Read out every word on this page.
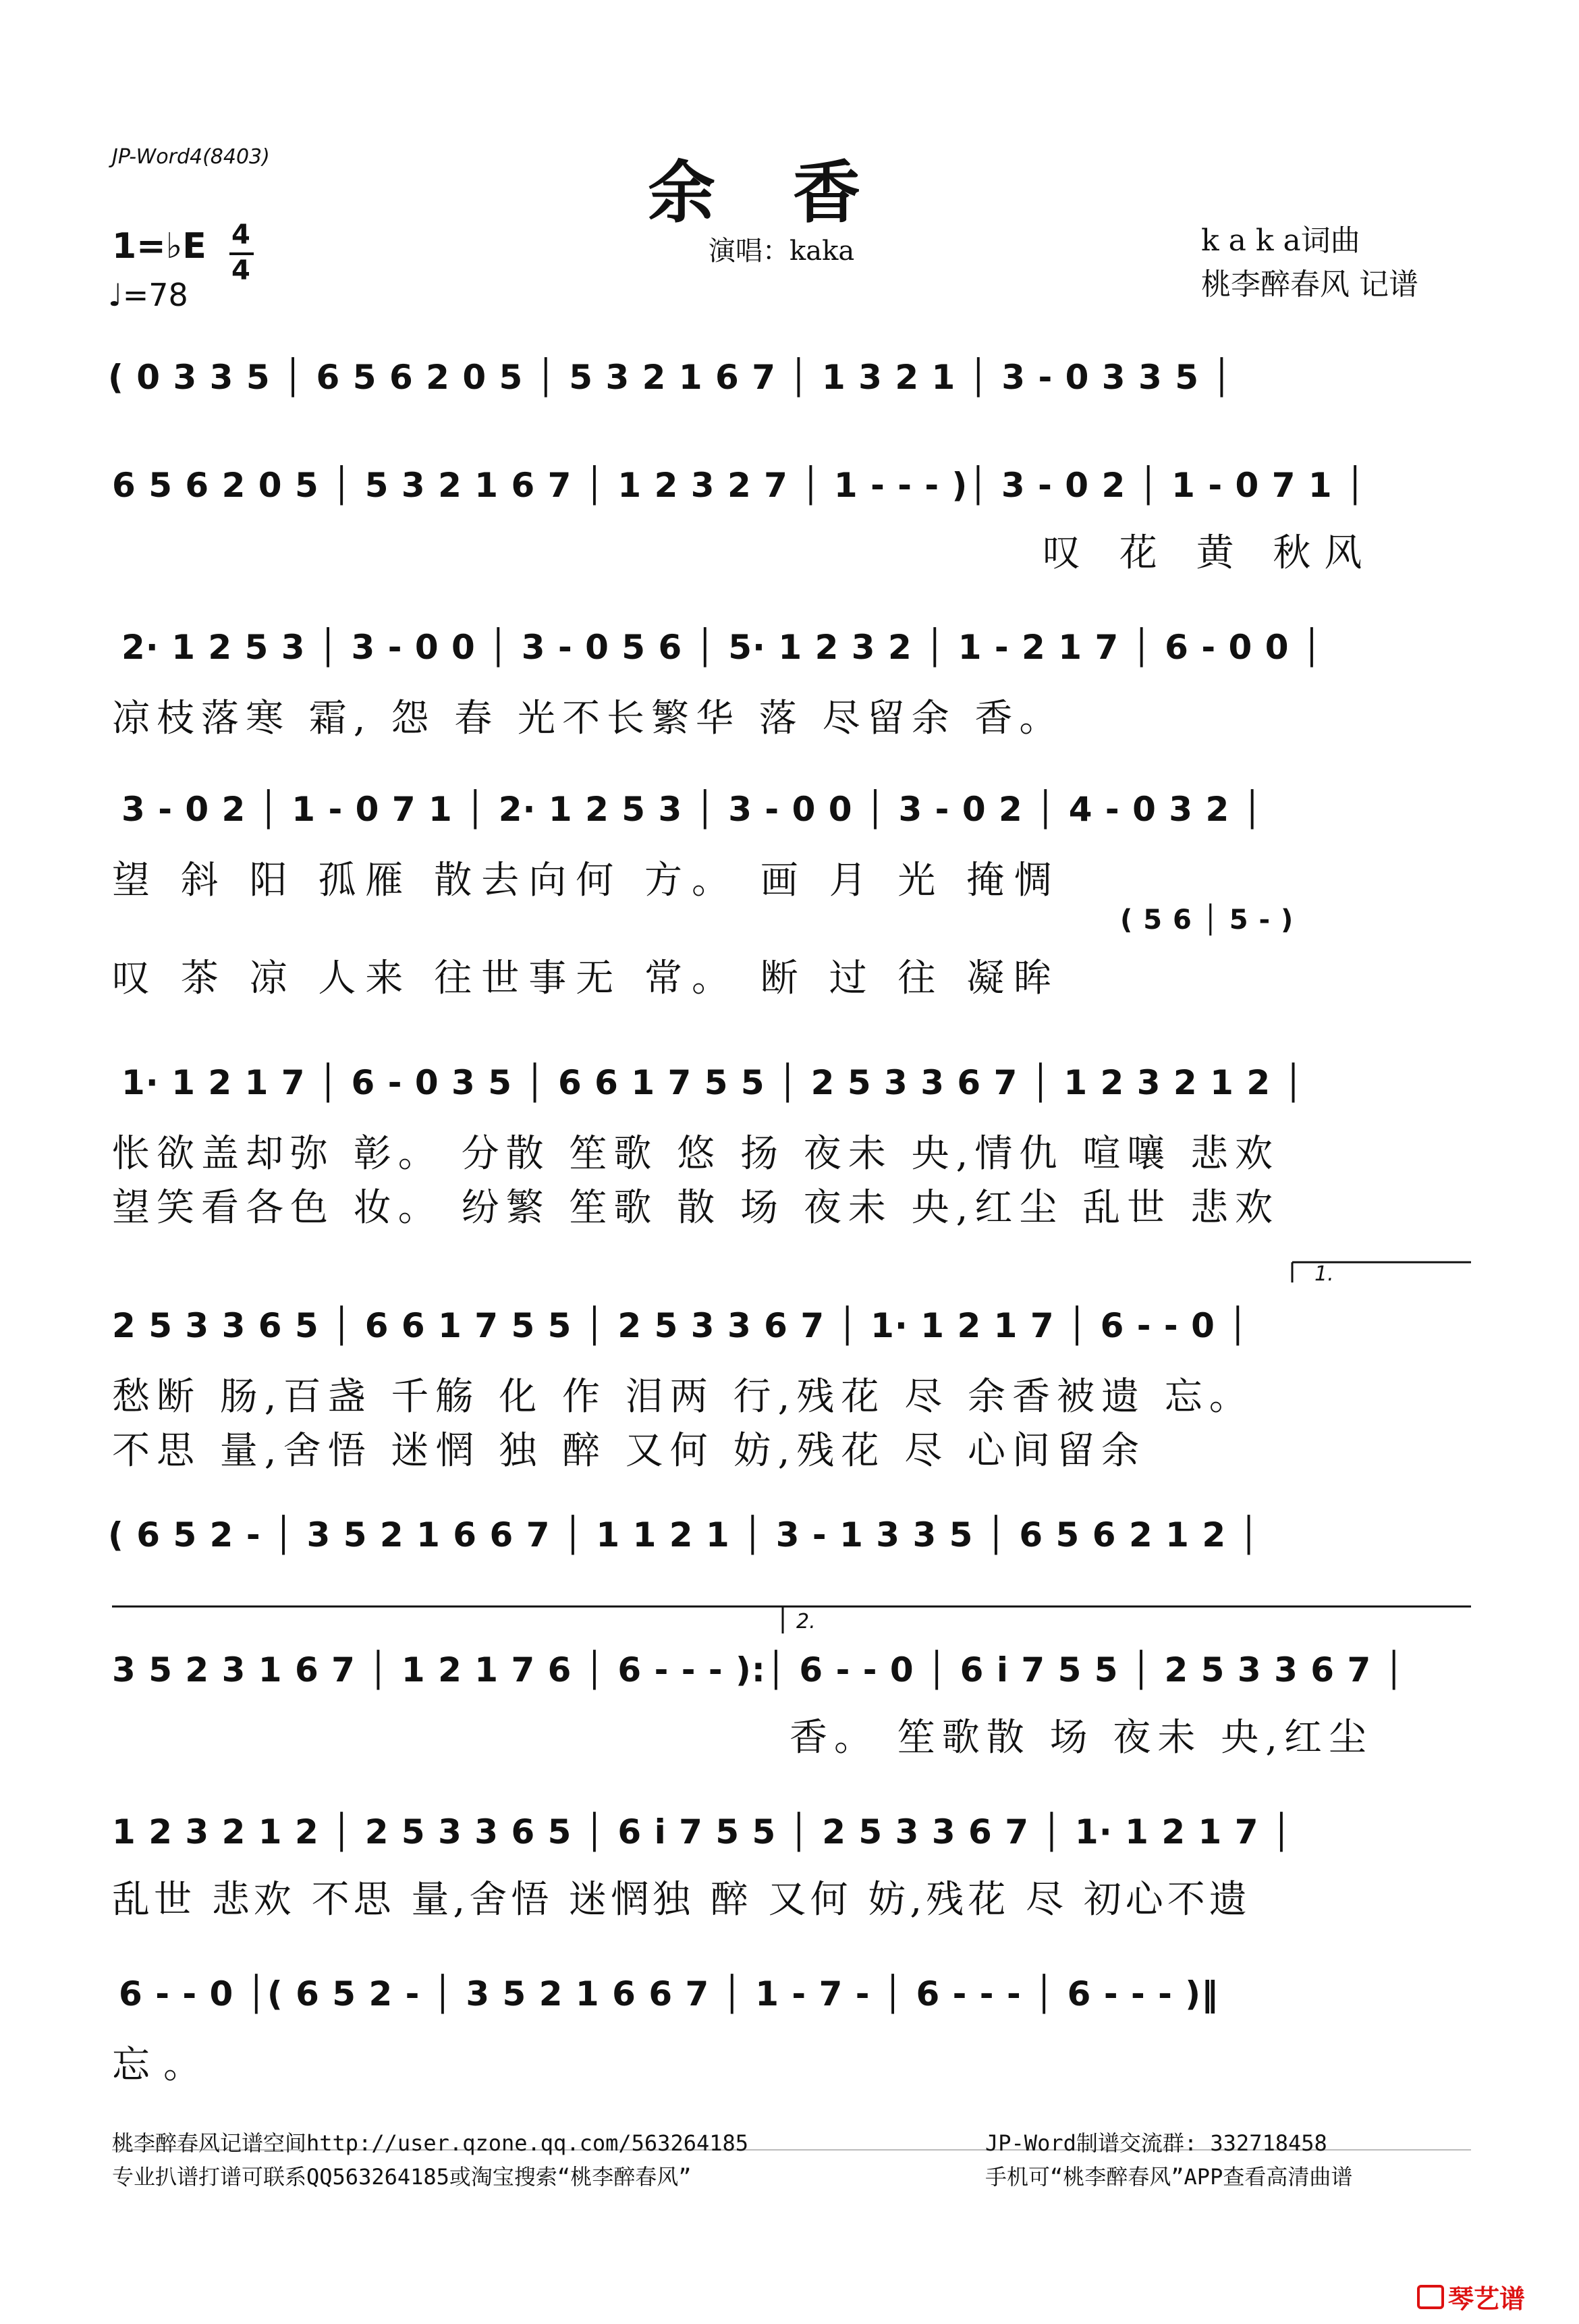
JP-Word4(8403)	余 香
1=♭E 4
4
♩=78
演唱：kaka	k a k a词曲
桃李醉春风 记谱
( 0 3 3 5 │ 6 5 6 2 0 5 │ 5 3 2 1 6 7 │ 1 3 2 1 │ 3 - 0 3 3 5 │
6 5 6 2 0 5 │ 5 3 2 1 6 7 │ 1 2 3 2 7 │ 1 - - - )│ 3 - 0 2 │ 1 - 0 7 1 │
叹 花 黄 秋风
2· 1 2 5 3 │ 3 - 0 0 │ 3 - 0 5 6 │ 5· 1 2 3 2 │ 1 - 2 1 7 │ 6 - 0 0 │
凉枝落寒 霜, 怨 春 光不长繁华 落 尽留余 香。
3 - 0 2 │ 1 - 0 7 1 │ 2· 1 2 5 3 │ 3 - 0 0 │ 3 - 0 2 │ 4 - 0 3 2 │
望 斜 阳 孤雁 散去向何 方。 画 月 光 掩惆
( 5 6 │ 5 - )
叹 茶 凉 人来 往世事无 常。 断 过 往 凝眸
1· 1 2 1 7 │ 6 - 0 3 5 │ 6 6 1 7 5 5 │ 2 5 3 3 6 7 │ 1 2 3 2 1 2 │
怅欲盖却弥 彰。 分散 笙歌 悠 扬 夜未 央,情仇 喧嚷 悲欢
望笑看各色 妆。 纷繁 笙歌 散 场 夜未 央,红尘 乱世 悲欢
1.
2 5 3 3 6 5 │ 6 6 1 7 5 5 │ 2 5 3 3 6 7 │ 1· 1 2 1 7 │ 6 - - 0 │
愁断 肠,百盏 千觞 化 作 泪两 行,残花 尽 余香被遗 忘。
不思 量,舍悟 迷惘 独 醉 又何 妨,残花 尽 心间留余
( 6 5 2 - │ 3 5 2 1 6 6 7 │ 1 1 2 1 │ 3 - 1 3 3 5 │ 6 5 6 2 1 2 │
2.
3 5 2 3 1 6 7 │ 1 2 1 7 6 │ 6 - - - ):│ 6 - - 0 │ 6 i 7 5 5 │ 2 5 3 3 6 7 │
香。 笙歌散 场 夜未 央,红尘
1 2 3 2 1 2 │ 2 5 3 3 6 5 │ 6 i 7 5 5 │ 2 5 3 3 6 7 │ 1· 1 2 1 7 │
乱世 悲欢 不思 量,舍悟 迷惘独 醉 又何 妨,残花 尽 初心不遗
6 - - 0 │( 6 5 2 - │ 3 5 2 1 6 6 7 │ 1 - 7 - │ 6 - - - │ 6 - - - )‖
忘。
桃李醉春风记谱空间http://user.qzone.qq.com/563264185
专业扒谱打谱可联系QQ563264185或淘宝搜索“桃李醉春风”
JP-Word制谱交流群: 332718458
手机可“桃李醉春风”APP查看高清曲谱
琴艺谱
